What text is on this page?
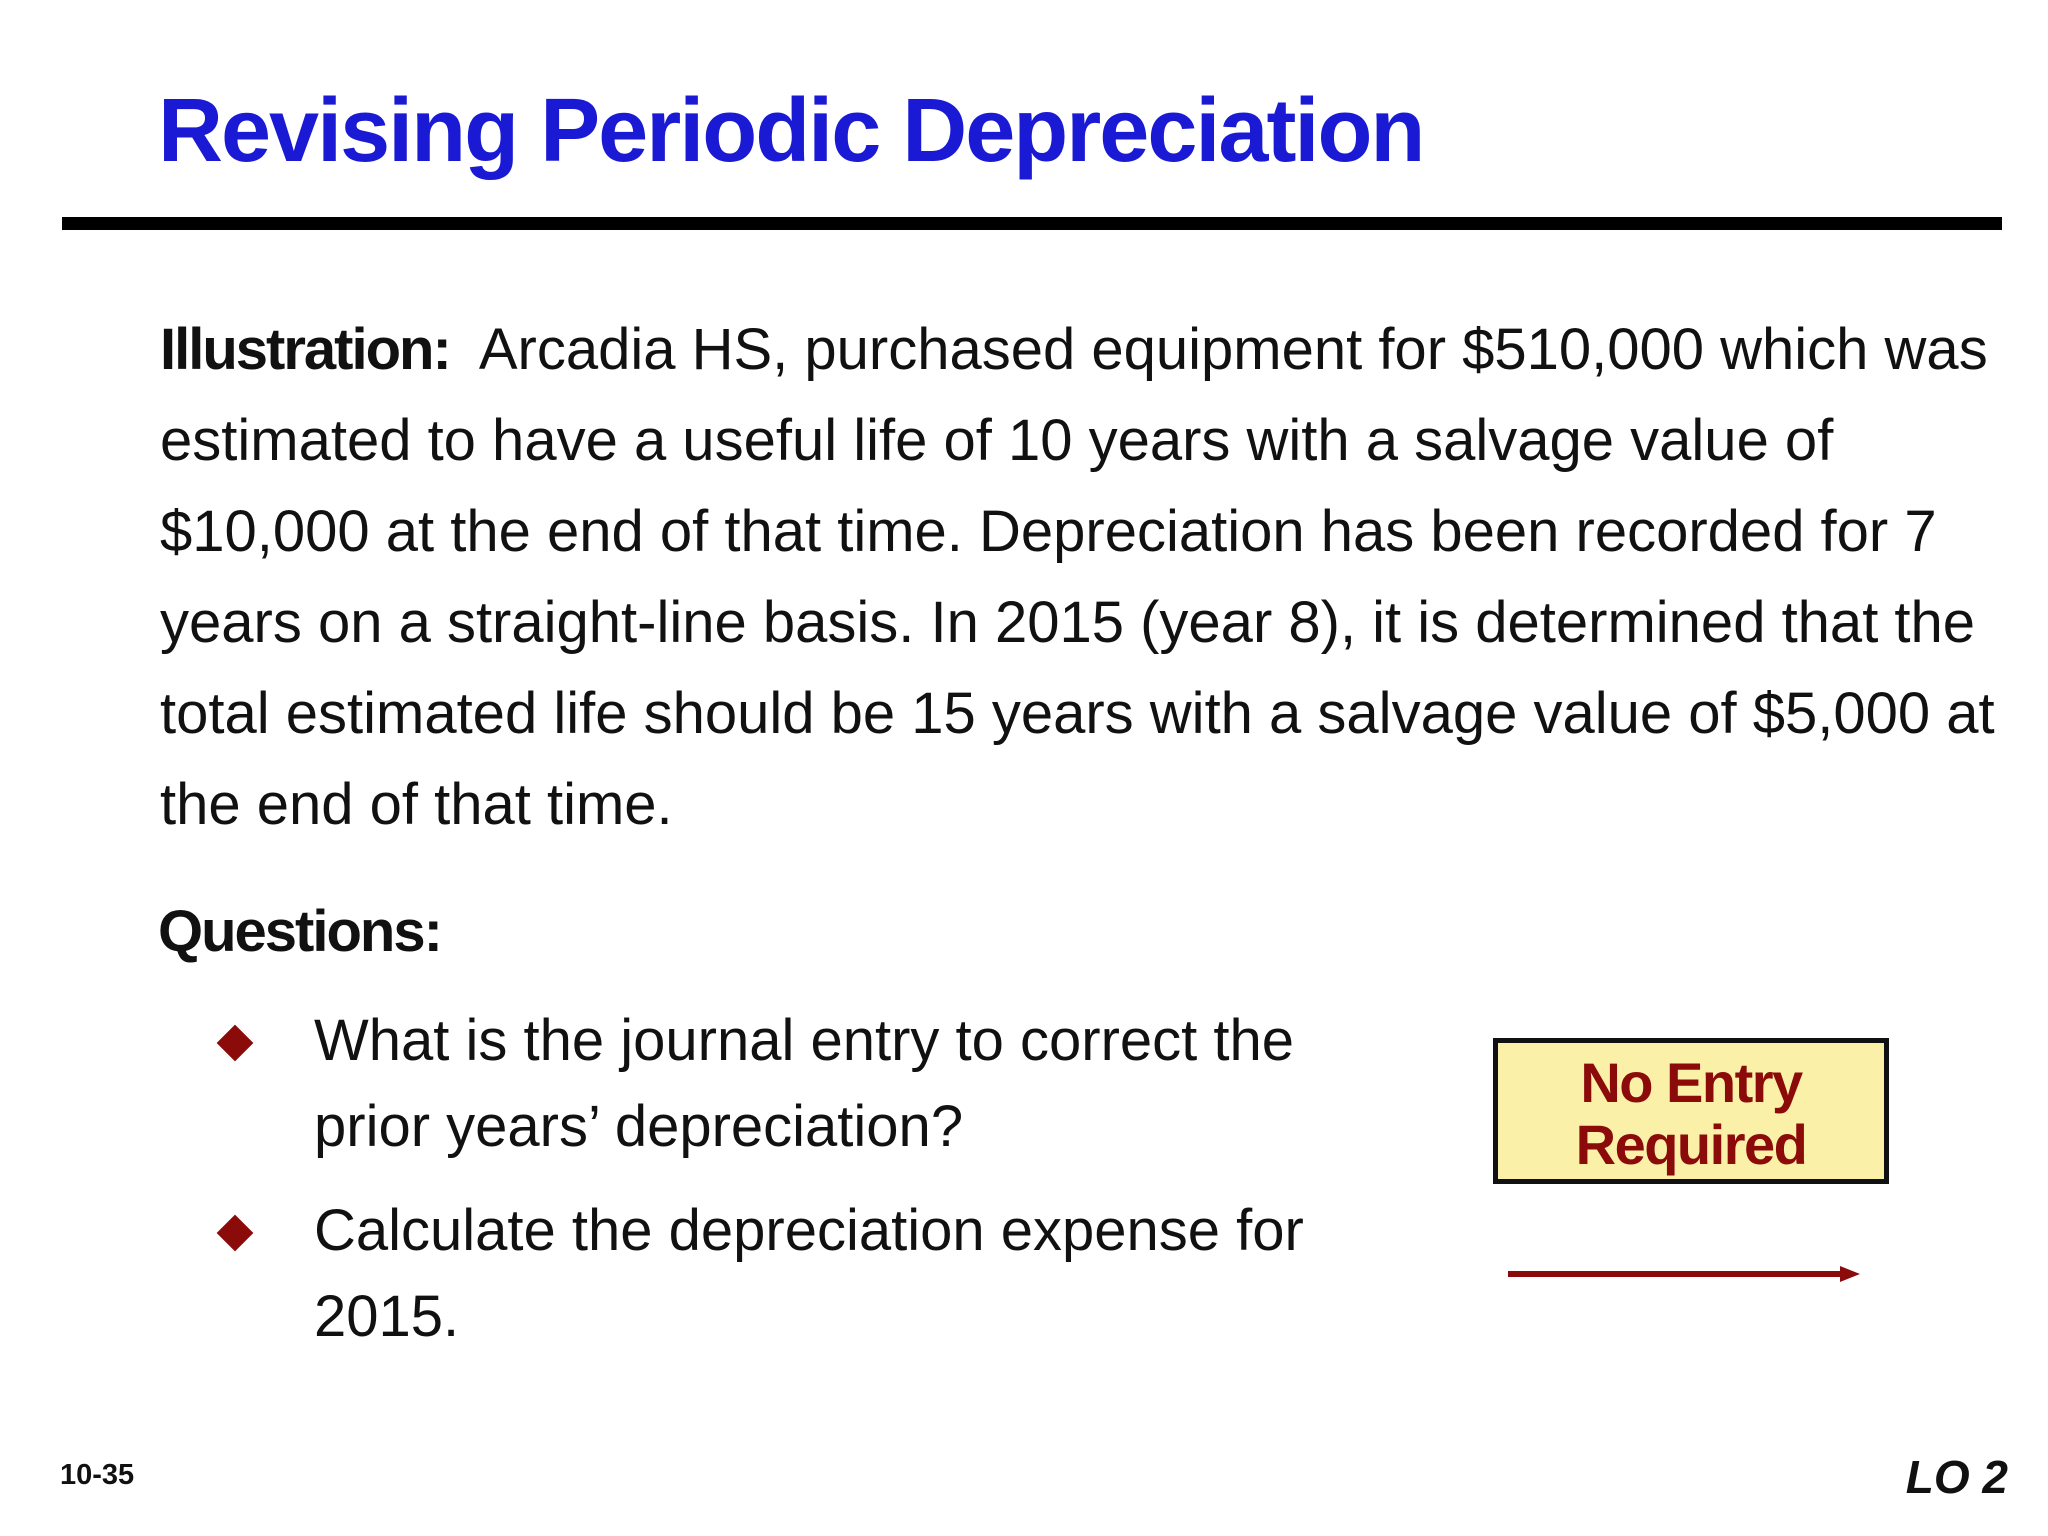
Revising Periodic Depreciation

Illustration: Arcadia HS, purchased equipment for $510,000 which was estimated to have a useful life of 10 years with a salvage value of $10,000 at the end of that time. Depreciation has been recorded for 7 years on a straight-line basis. In 2015 (year 8), it is determined that the total estimated life should be 15 years with a salvage value of $5,000 at the end of that time.

Questions:
What is the journal entry to correct the prior years’ depreciation?
Calculate the depreciation expense for 2015.
No Entry
Required
10-35	LO 2
